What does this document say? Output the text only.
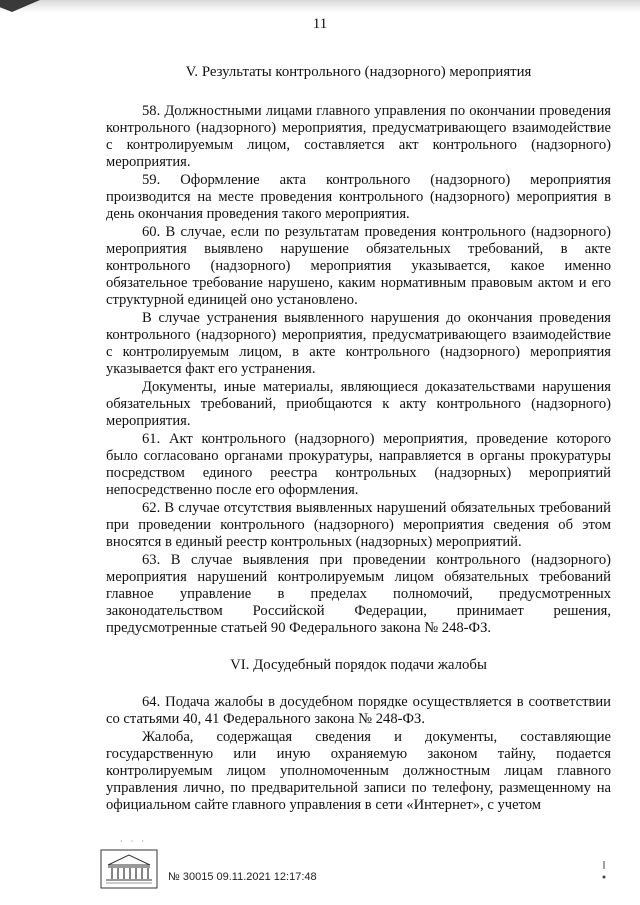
11

V. Результаты контрольного (надзорного) мероприятия

58. Должностными лицами главного управления по окончании проведения контрольного (надзорного) мероприятия, предусматривающего взаимодействие с контролируемым лицом, составляется акт контрольного (надзорного) мероприятия.

59. Оформление акта контрольного (надзорного) мероприятия производится на месте проведения контрольного (надзорного) мероприятия в день окончания проведения такого мероприятия.

60. В случае, если по результатам проведения контрольного (надзорного) мероприятия выявлено нарушение обязательных требований, в акте контрольного (надзорного) мероприятия указывается, какое именно обязательное требование нарушено, каким нормативным правовым актом и его структурной единицей оно установлено.

В случае устранения выявленного нарушения до окончания проведения контрольного (надзорного) мероприятия, предусматривающего взаимодействие с контролируемым лицом, в акте контрольного (надзорного) мероприятия указывается факт его устранения.

Документы, иные материалы, являющиеся доказательствами нарушения обязательных требований, приобщаются к акту контрольного (надзорного) мероприятия.

61. Акт контрольного (надзорного) мероприятия, проведение которого было согласовано органами прокуратуры, направляется в органы прокуратуры посредством единого реестра контрольных (надзорных) мероприятий непосредственно после его оформления.

62. В случае отсутствия выявленных нарушений обязательных требований при проведении контрольного (надзорного) мероприятия сведения об этом вносятся в единый реестр контрольных (надзорных) мероприятий.

63. В случае выявления при проведении контрольного (надзорного) мероприятия нарушений контролируемым лицом обязательных требований главное управление в пределах полномочий, предусмотренных законодательством Российской Федерации, принимает решения, предусмотренные статьей 90 Федерального закона № 248-ФЗ.

VI. Досудебный порядок подачи жалобы

64. Подача жалобы в досудебном порядке осуществляется в соответствии со статьями 40, 41 Федерального закона № 248-ФЗ.

Жалоба, содержащая сведения и документы, составляющие государственную или иную охраняемую законом тайну, подается контролируемым лицом уполномоченным должностным лицам главного управления лично, по предварительной записи по телефону, размещенному на официальном сайте главного управления в сети «Интернет», с учетом

· · ·
№ 30015 09.11.2021 12:17:48
